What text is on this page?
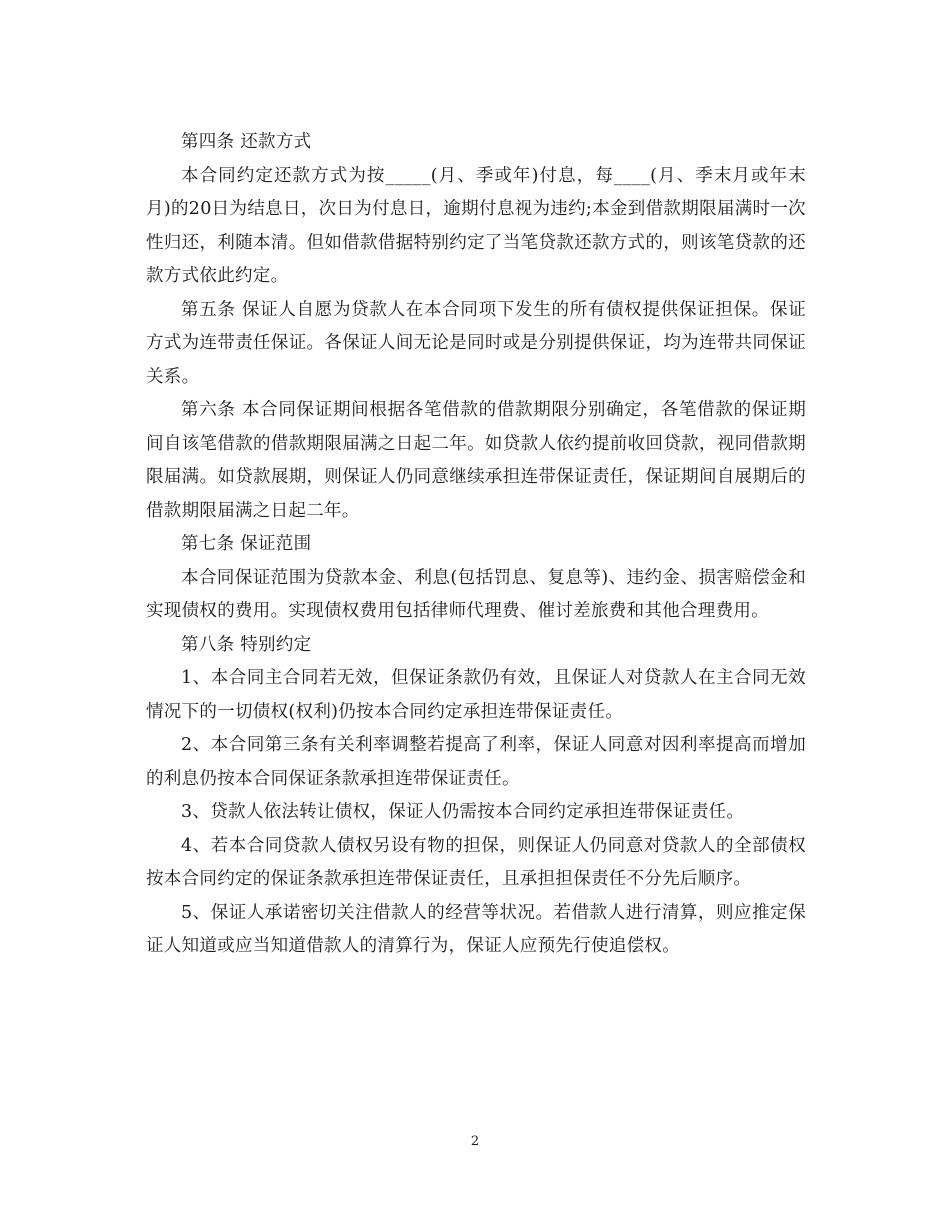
第四条 还款方式

本合同约定还款方式为按_____(月、季或年)付息，每____(月、季末月或年末月)的20日为结息日，次日为付息日，逾期付息视为违约;本金到借款期限届满时一次性归还，利随本清。但如借款借据特别约定了当笔贷款还款方式的，则该笔贷款的还款方式依此约定。

第五条 保证人自愿为贷款人在本合同项下发生的所有债权提供保证担保。保证方式为连带责任保证。各保证人间无论是同时或是分别提供保证，均为连带共同保证关系。

第六条 本合同保证期间根据各笔借款的借款期限分别确定，各笔借款的保证期间自该笔借款的借款期限届满之日起二年。如贷款人依约提前收回贷款，视同借款期限届满。如贷款展期，则保证人仍同意继续承担连带保证责任，保证期间自展期后的借款期限届满之日起二年。

第七条 保证范围

本合同保证范围为贷款本金、利息(包括罚息、复息等)、违约金、损害赔偿金和实现债权的费用。实现债权费用包括律师代理费、催讨差旅费和其他合理费用。

第八条 特别约定

1、本合同主合同若无效，但保证条款仍有效，且保证人对贷款人在主合同无效情况下的一切债权(权利)仍按本合同约定承担连带保证责任。

2、本合同第三条有关利率调整若提高了利率，保证人同意对因利率提高而增加的利息仍按本合同保证条款承担连带保证责任。

3、贷款人依法转让债权，保证人仍需按本合同约定承担连带保证责任。

4、若本合同贷款人债权另设有物的担保，则保证人仍同意对贷款人的全部债权按本合同约定的保证条款承担连带保证责任，且承担担保责任不分先后顺序。

5、保证人承诺密切关注借款人的经营等状况。若借款人进行清算，则应推定保证人知道或应当知道借款人的清算行为，保证人应预先行使追偿权。

2
